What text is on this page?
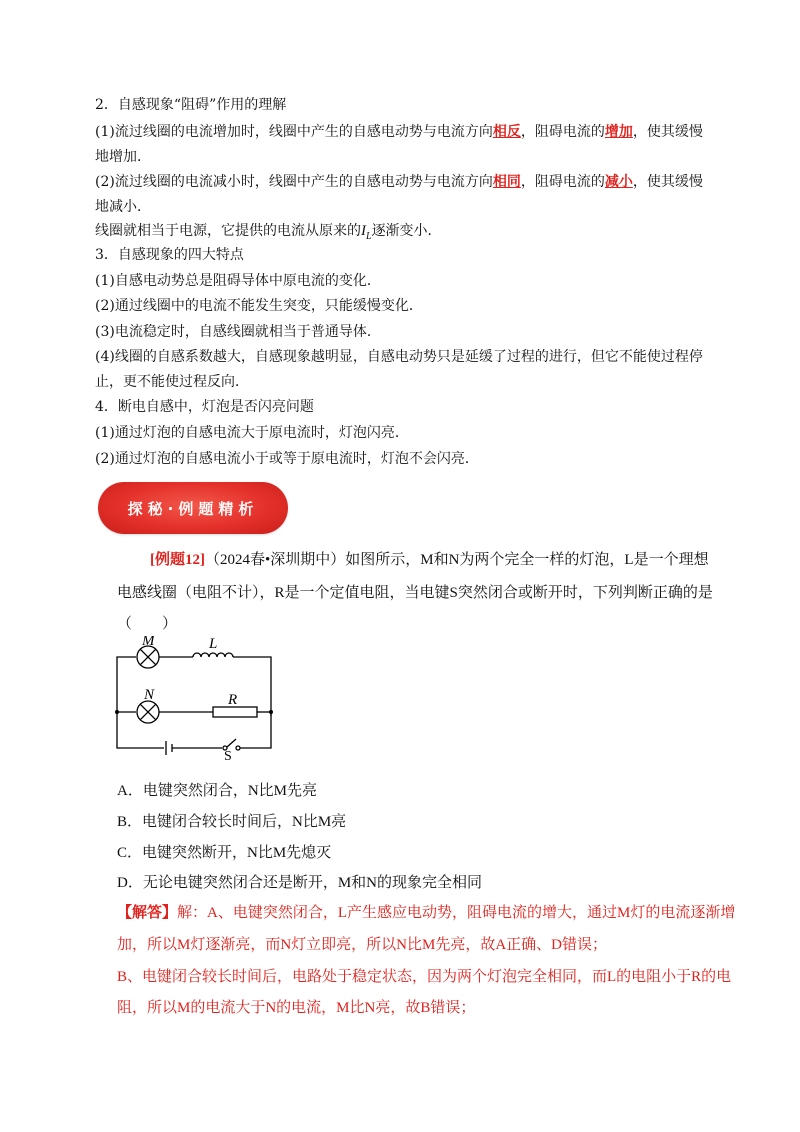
2．自感现象“阻碍”作用的理解
(1)流过线圈的电流增加时，线圈中产生的自感电动势与电流方向相反，阻碍电流的增加，使其缓慢
地增加．
(2)流过线圈的电流减小时，线圈中产生的自感电动势与电流方向相同，阻碍电流的减小，使其缓慢
地减小．
线圈就相当于电源，它提供的电流从原来的$I_L$逐渐变小．
3．自感现象的四大特点
(1)自感电动势总是阻碍导体中原电流的变化．
(2)通过线圈中的电流不能发生突变，只能缓慢变化．
(3)电流稳定时，自感线圈就相当于普通导体．
(4)线圈的自感系数越大，自感现象越明显，自感电动势只是延缓了过程的进行，但它不能使过程停
止，更不能使过程反向．
4．断电自感中，灯泡是否闪亮问题
(1)通过灯泡的自感电流大于原电流时，灯泡闪亮．
(2)通过灯泡的自感电流小于或等于原电流时，灯泡不会闪亮．
探秘·例题精析
[例题12]（2024春•深圳期中）如图所示，M和N为两个完全一样的灯泡，L是一个理想
电感线圈（电阻不计），R是一个定值电阻，当电键S突然闭合或断开时，下列判断正确的是
（　　）
M	L
N	R
S
A．电键突然闭合，N比M先亮
B．电键闭合较长时间后，N比M亮
C．电键突然断开，N比M先熄灭
D．无论电键突然闭合还是断开，M和N的现象完全相同
【解答】解：A、电键突然闭合，L产生感应电动势，阻碍电流的增大，通过M灯的电流逐渐增
加，所以M灯逐渐亮，而N灯立即亮，所以N比M先亮，故A正确、D错误；
B、电键闭合较长时间后，电路处于稳定状态，因为两个灯泡完全相同，而L的电阻小于R的电
阻，所以M的电流大于N的电流，M比N亮，故B错误；
